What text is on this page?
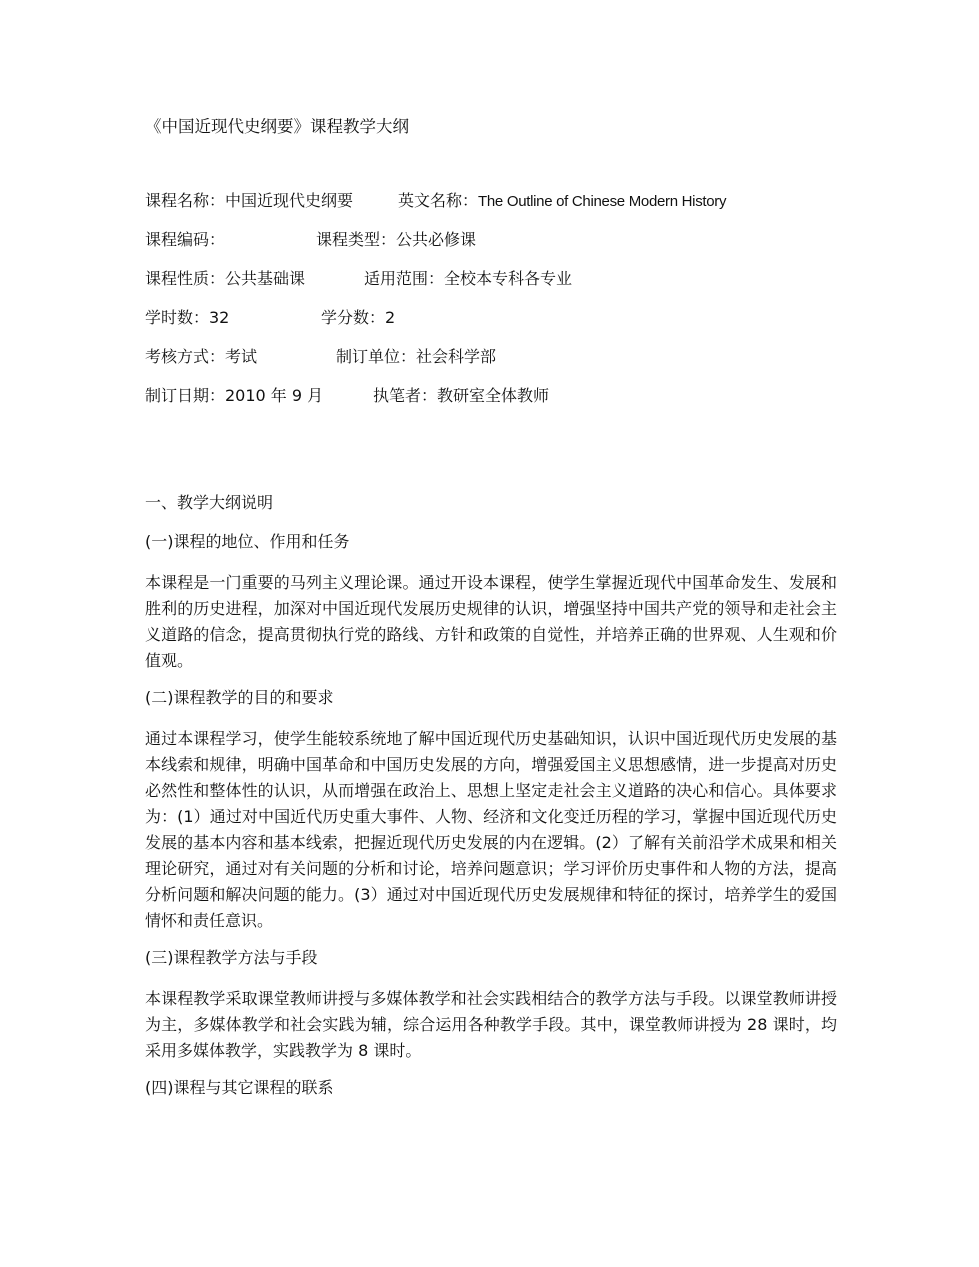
《中国近现代史纲要》课程教学大纲
课程名称：中国近现代史纲要	英文名称：The Outline of Chinese Modern History
课程编码：	课程类型：公共必修课
课程性质：公共基础课	适用范围：全校本专科各专业
学时数：32	学分数：2
考核方式：考试	制订单位：社会科学部
制订日期：2010 年 9 月	执笔者：教研室全体教师
一、教学大纲说明
(一)课程的地位、作用和任务

本课程是一门重要的马列主义理论课。通过开设本课程，使学生掌握近现代中国革命发生、发展和胜利的历史进程，加深对中国近现代发展历史规律的认识，增强坚持中国共产党的领导和走社会主义道路的信念，提高贯彻执行党的路线、方针和政策的自觉性，并培养正确的世界观、人生观和价值观。

(二)课程教学的目的和要求

通过本课程学习，使学生能较系统地了解中国近现代历史基础知识，认识中国近现代历史发展的基本线索和规律，明确中国革命和中国历史发展的方向，增强爱国主义思想感情，进一步提高对历史必然性和整体性的认识，从而增强在政治上、思想上坚定走社会主义道路的决心和信心。具体要求为：(1）通过对中国近代历史重大事件、人物、经济和文化变迁历程的学习，掌握中国近现代历史发展的基本内容和基本线索，把握近现代历史发展的内在逻辑。(2）了解有关前沿学术成果和相关理论研究，通过对有关问题的分析和讨论，培养问题意识；学习评价历史事件和人物的方法，提高分析问题和解决问题的能力。(3）通过对中国近现代历史发展规律和特征的探讨，培养学生的爱国情怀和责任意识。

(三)课程教学方法与手段

本课程教学采取课堂教师讲授与多媒体教学和社会实践相结合的教学方法与手段。以课堂教师讲授为主，多媒体教学和社会实践为辅，综合运用各种教学手段。其中，课堂教师讲授为 28 课时，均采用多媒体教学，实践教学为 8 课时。

(四)课程与其它课程的联系
